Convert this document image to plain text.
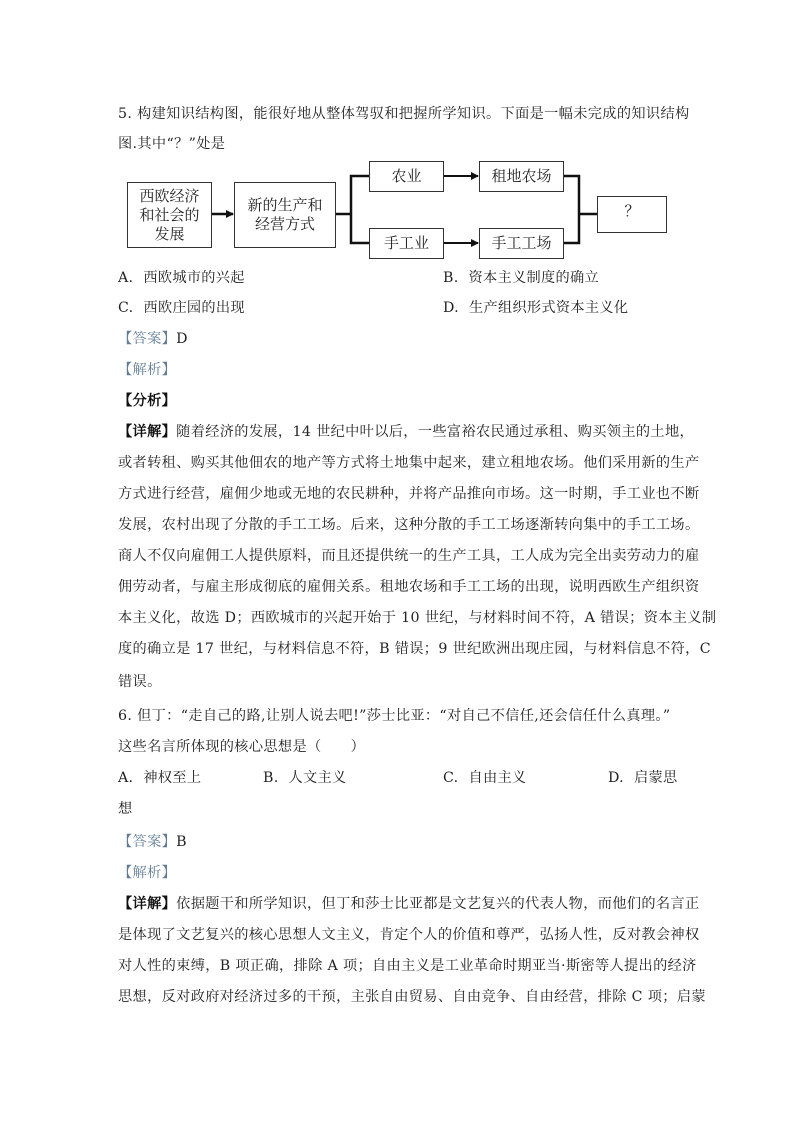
5. 构建知识结构图，能很好地从整体驾驭和把握所学知识。下面是一幅未完成的知识结构
图.其中“？”处是
西欧经济
和社会的
发展
新的生产和
经营方式
农业	租地农场
手工业	手工工场
？
A. 西欧城市的兴起	B. 资本主义制度的确立
C. 西欧庄园的出现	D. 生产组织形式资本主义化
【答案】D
【解析】
【分析】
【详解】随着经济的发展，14 世纪中叶以后，一些富裕农民通过承租、购买领主的土地，
或者转租、购买其他佃农的地产等方式将土地集中起来，建立租地农场。他们采用新的生产
方式进行经营，雇佣少地或无地的农民耕种，并将产品推向市场。这一时期，手工业也不断
发展，农村出现了分散的手工工场。后来，这种分散的手工工场逐渐转向集中的手工工场。
商人不仅向雇佣工人提供原料，而且还提供统一的生产工具，工人成为完全出卖劳动力的雇
佣劳动者，与雇主形成彻底的雇佣关系。租地农场和手工工场的出现，说明西欧生产组织资
本主义化，故选 D；西欧城市的兴起开始于 10 世纪，与材料时间不符，A 错误；资本主义制
度的确立是 17 世纪，与材料信息不符，B 错误；9 世纪欧洲出现庄园，与材料信息不符，C
错误。
6. 但丁：“走自己的路,让别人说去吧!”莎士比亚：“对自己不信任,还会信任什么真理。”
这些名言所体现的核心思想是（　　）
A. 神权至上	B. 人文主义	C. 自由主义	D. 启蒙思
想
【答案】B
【解析】
【详解】依据题干和所学知识，但丁和莎士比亚都是文艺复兴的代表人物，而他们的名言正
是体现了文艺复兴的核心思想人文主义，肯定个人的价值和尊严，弘扬人性，反对教会神权
对人性的束缚，B 项正确，排除 A 项；自由主义是工业革命时期亚当·斯密等人提出的经济
思想，反对政府对经济过多的干预，主张自由贸易、自由竞争、自由经营，排除 C 项；启蒙
